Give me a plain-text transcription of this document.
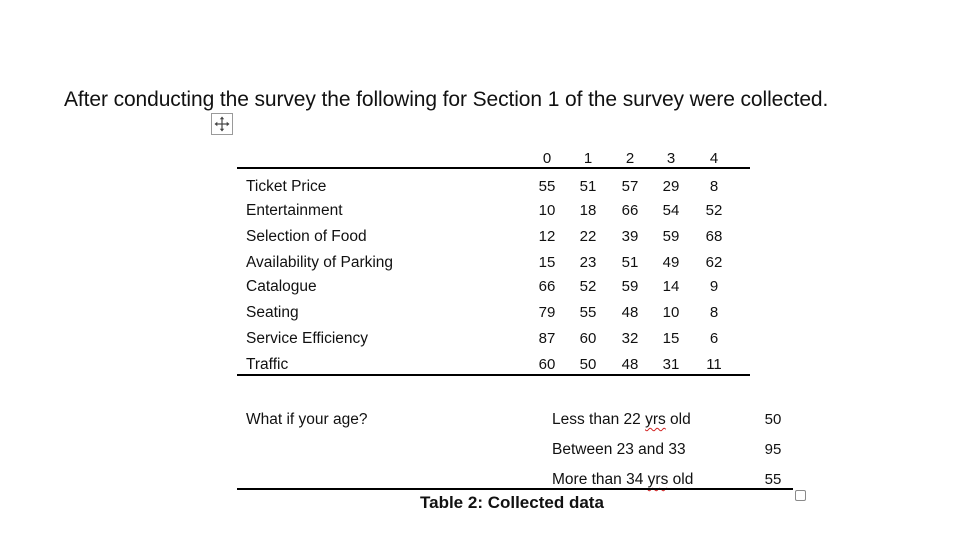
After conducting the survey the following for Section 1 of the survey were collected.
0	1	2	3	4
Ticket Price	55	51	57	29	8
Entertainment	10	18	66	54	52
Selection of Food	12	22	39	59	68
Availability of Parking	15	23	51	49	62
Catalogue	66	52	59	14	9
Seating	79	55	48	10	8
Service Efficiency	87	60	32	15	6
Traffic	60	50	48	31	11
What if your age?	Less than 22 yrs old	50
Between 23 and 33	95
More than 34 yrs old	55
Table 2: Collected data
